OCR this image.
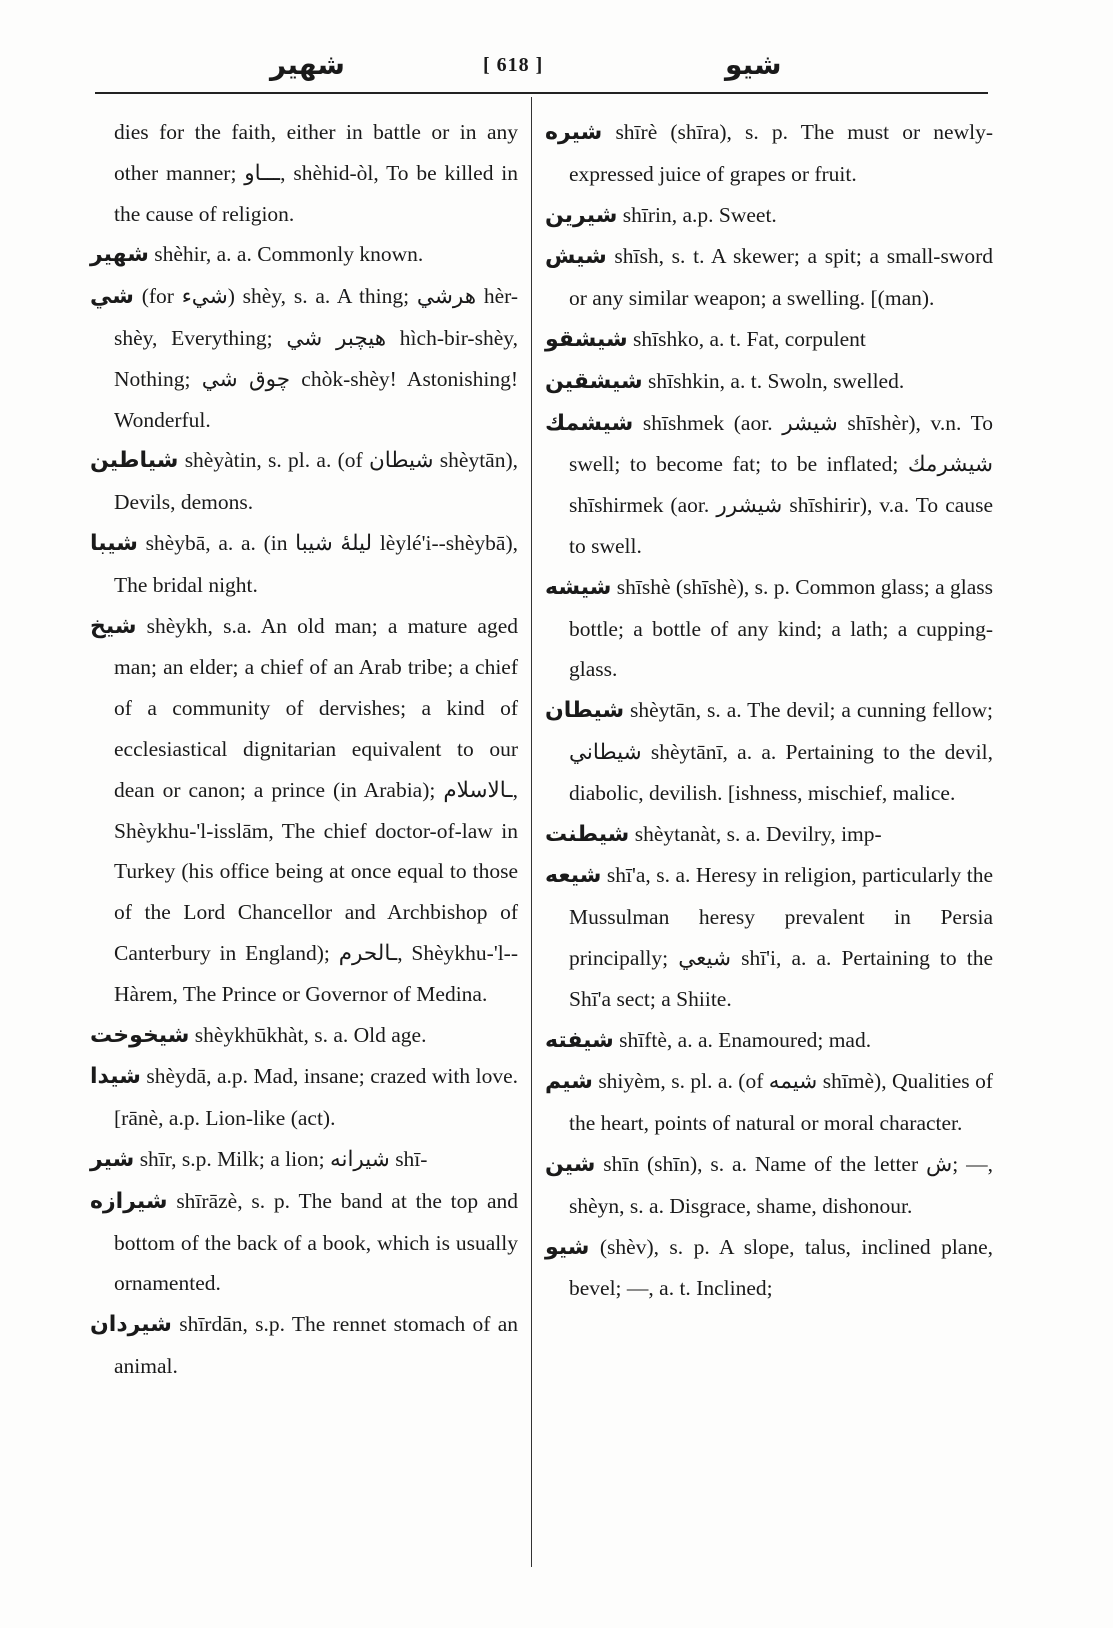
شهير	[ 618 ]	شيو

dies for the faith, either in battle or in any other manner; ـــاو, shèhid-òl, To be killed in the cause of religion.

شهير shèhir, a. a. Commonly known.

شي (for شيء) shèy, s. a. A thing; هرشي hèr-shèy, Everything; هيچبر شي hìch-bir-shèy, Nothing; چوق شي chòk-shèy! Astonishing! Wonderful.

شياطين shèyàtin, s. pl. a. (of شيطان shèytān), Devils, demons.

شيبا shèybā, a. a. (in ليلهٔ شيبا lèylé'i--shèybā), The bridal night.

شيخ shèykh, s.a. An old man; a mature aged man; an elder; a chief of an Arab tribe; a chief of a community of dervishes; a kind of ecclesiastical dignitarian equivalent to our dean or canon; a prince (in Arabia); ـالاسلام, Shèykhu-'l-isslām, The chief doctor-of-law in Turkey (his office being at once equal to those of the Lord Chancellor and Archbishop of Canterbury in England); ـالحرم, Shèykhu-'l--Hàrem, The Prince or Governor of Medina.

شيخوخت shèykhūkhàt, s. a. Old age.

شيدا shèydā, a.p. Mad, insane; crazed with love. [rānè, a.p. Lion-like (act).

شير shīr, s.p. Milk; a lion; شيرانه shī-

شيرازه shīrāzè, s. p. The band at the top and bottom of the back of a book, which is usually ornamented.

شيردان shīrdān, s.p. The rennet stomach of an animal.

شيره shīrè (shīra), s. p. The must or newly-expressed juice of grapes or fruit.

شيرين shīrin, a.p. Sweet.

شيش shīsh, s. t. A skewer; a spit; a small-sword or any similar weapon; a swelling. [(man).

شيشقو shīshko, a. t. Fat, corpulent

شيشقين shīshkin, a. t. Swoln, swelled.

شيشمك shīshmek (aor. شيشر shīshèr), v.n. To swell; to become fat; to be inflated; شيشرمك shīshirmek (aor. شيشرر shīshirir), v.a. To cause to swell.

شيشه shīshè (shīshè), s. p. Common glass; a glass bottle; a bottle of any kind; a lath; a cupping-glass.

شيطان shèytān, s. a. The devil; a cunning fellow; شيطاني shèytānī, a. a. Pertaining to the devil, diabolic, devilish. [ishness, mischief, malice.

شيطنت shèytanàt, s. a. Devilry, imp-

شيعه shī'a, s. a. Heresy in religion, particularly the Mussulman heresy prevalent in Persia principally; شيعي shī'i, a. a. Pertaining to the Shī'a sect; a Shiite.

شيفته shīftè, a. a. Enamoured; mad.

شيم shiyèm, s. pl. a. (of شيمه shīmè), Qualities of the heart, points of natural or moral character.

شين shīn (shīn), s. a. Name of the letter ش; —, shèyn, s. a. Disgrace, shame, dishonour.

شيو (shèv), s. p. A slope, talus, inclined plane, bevel; —, a. t. Inclined;
